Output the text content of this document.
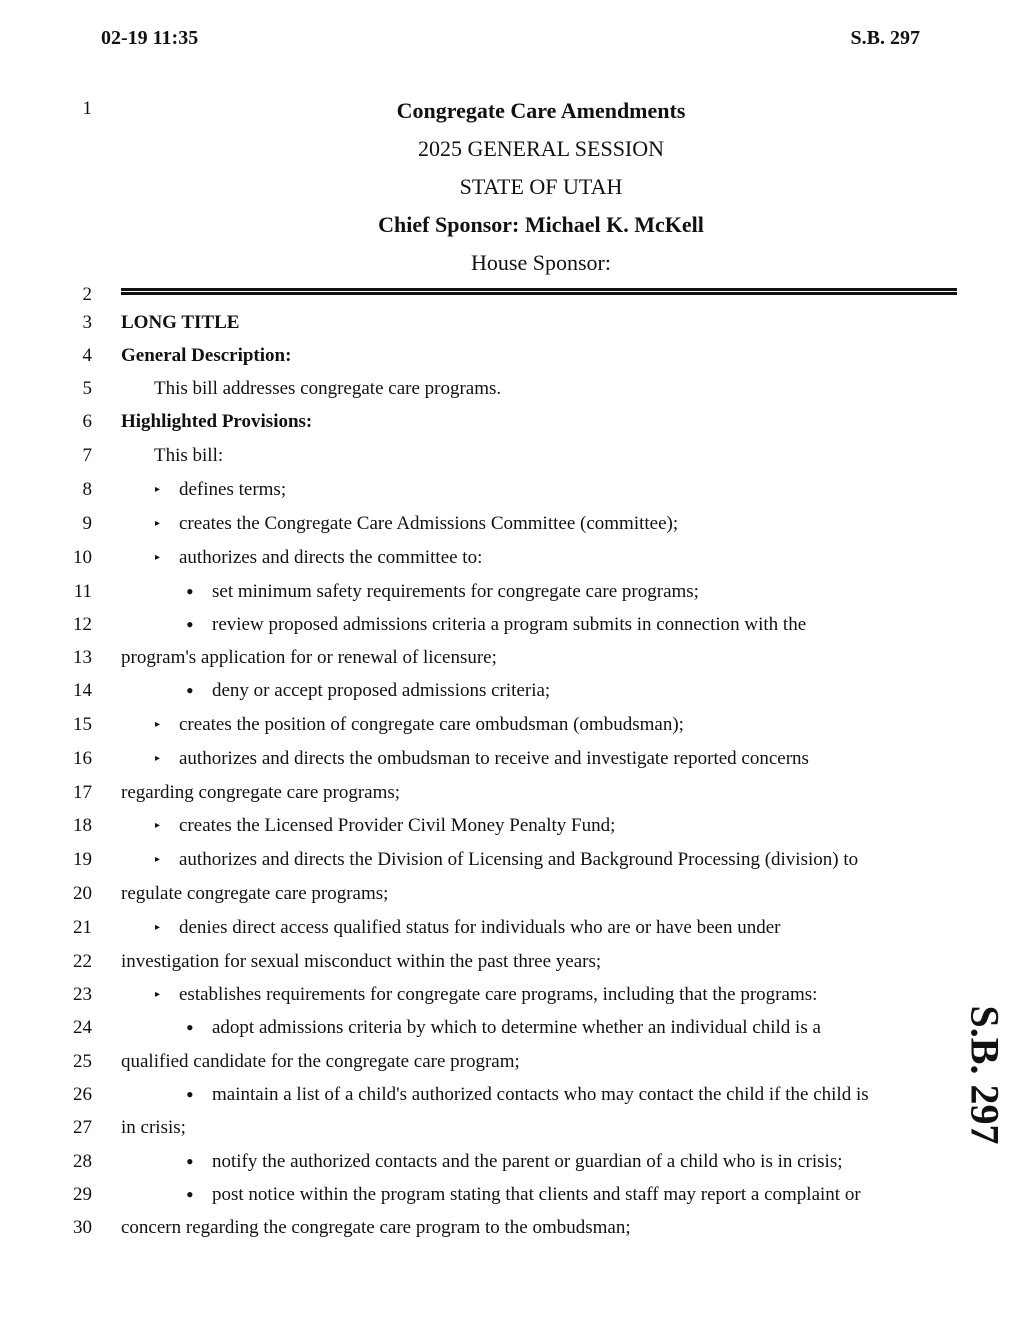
02-19 11:35	S.B. 297
1
2
3
4
5
6
7
8
9
10
11
12
13
14
15
16
17
18
19
20
21
22
23
24
25
26
27
28
29
30
Congregate Care Amendments
2025 GENERAL SESSION
STATE OF UTAH
Chief Sponsor: Michael K. McKell
House Sponsor:
LONG TITLE
General Description:
This bill addresses congregate care programs.
Highlighted Provisions:
This bill:
▸ defines terms;
▸ creates the Congregate Care Admissions Committee (committee);
▸ authorizes and directs the committee to:
• set minimum safety requirements for congregate care programs;
• review proposed admissions criteria a program submits in connection with the
program's application for or renewal of licensure;
• deny or accept proposed admissions criteria;
▸ creates the position of congregate care ombudsman (ombudsman);
▸ authorizes and directs the ombudsman to receive and investigate reported concerns
regarding congregate care programs;
▸ creates the Licensed Provider Civil Money Penalty Fund;
▸ authorizes and directs the Division of Licensing and Background Processing (division) to
regulate congregate care programs;
▸ denies direct access qualified status for individuals who are or have been under
investigation for sexual misconduct within the past three years;
▸ establishes requirements for congregate care programs, including that the programs:
• adopt admissions criteria by which to determine whether an individual child is a
qualified candidate for the congregate care program;
• maintain a list of a child's authorized contacts who may contact the child if the child is
in crisis;
• notify the authorized contacts and the parent or guardian of a child who is in crisis;
• post notice within the program stating that clients and staff may report a complaint or
concern regarding the congregate care program to the ombudsman;
S.B. 297
